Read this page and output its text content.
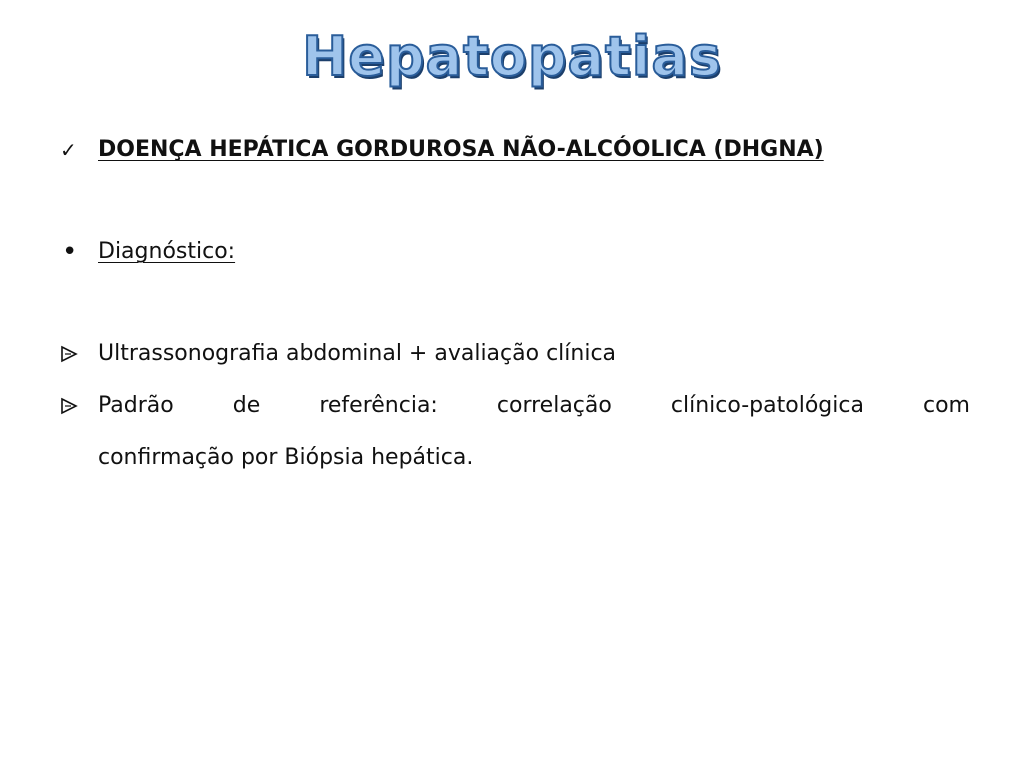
Hepatopatias
✓ DOENÇA HEPÁTICA GORDUROSA NÃO-ALCÓOLICA (DHGNA)
• Diagnóstico:
Ultrassonografia abdominal + avaliação clínica
Padrão de referência: correlação clínico-patológica com
confirmação por Biópsia hepática.
